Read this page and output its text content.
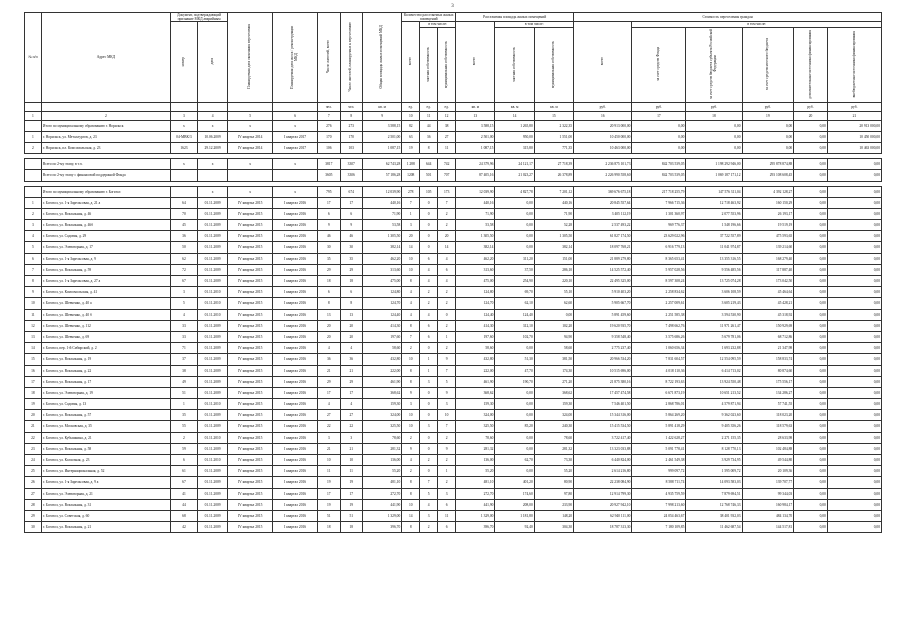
3
№ п/п	Адрес МКД	Документ, подтверждающий признание МКД аварийным		Планируемая дата окончания переселения	Планируемая дата сноса / реконструкции МКД	Число жителей, всего	Число жителей, планируемых к переселению	Общая площадь жилых помещений МКД	Количество расселяемых жилых помещений			Расселяемая площадь жилых помещений			Стоимость переселения граждан					
		номер	дата						всего	в том числе:		всего	в том числе:		всего	в том числе:				
										частная собственность	муниципальная собственность		частная собственность	муниципальная собственность		за счет средств Фонда	за счет средств бюджета субъекта Российской Федерации	за счет средств местного бюджета	дополнительные источники финансирования	внебюджетные источники финансирования
						чел.	чел.	кв. м	ед.	ед.	ед.	кв. м	кв. м	кв. м	руб.	руб.	руб.	руб.	руб.	руб.
1	2	3	4	5	6	7	8	9	10	11	12	13	14	15	16	17	18	19	20	21
	Итого по муниципальному образованию г. Норильск	х	х	х	х	276	273	3 588,15	82	44	38	3 588,15	1 265,80	2 322,35	20 913 000,00	0,00	0,00	0,00	0,00	20 913 000,00
1	г. Норильск, ул. Металлургов, д. 23	04-МВК/3	10.06.2009	IV квартал 2014	I квартал 2017	170	170	2 501,00	63	36	27	2 501,00	950,00	1 551,00	10 450 000,00	0,00	0,00	0,00	0,00	10 450 000,00
2	г. Норильск, пл. Комсомольская, д. 23	1623	29.12.2009	IV квартал 2014	I квартал 2017	106	103	1 087,15	19	8	11	1 087,15	315,80	771,35	10 463 000,00	0,00	0,00	0,00	0,00	10 463 000,00

	Всего по 2-му этапу, в т.ч.	х	х	х	х	3817	3307	62 743,28	1 288	644	742	24 379,96	24 121,17	27 718,39	2 236 875 101,73	842 703 539,05	1 198 292 946,00	295 878 874,88	0,00	0,00
	Всего по 2-му этапу с финансовой поддержкой Фонда					3605	3306	57 186,28	1208	501	707	87 405,16	21 023,27	26 378,89	2 226 990 558,60	842 703 539,05	1 069 187 171,12	293 108 608,45	0,00	0,00

	Итого по муниципальному образованию г. Богатол		х	х	х	795	674	12 039,90	278	105	173	12 039,90	4 827,78	7 201,12	369 676 675,18	217 718 255,79	147 576 311,04	4 392 128,27	0,00	0,00
1	г. Богатол, ул. 1-я Зарельсовая, д. 21 а	64	01.11.2009	IV квартал 2015	I квартал 2016	17	17	440,16	7	0	7	440,16	0,00	440,16	20 845 557,64	7 966 715,36	12 718 463,92	160 150,29	0,00	0,00
2	г. Богатол, ул. Вокзальная, д. 46	70	01.11.2009	IV квартал 2015	I квартал 2016	6	6	71,90	1	0	2	71,90	0,00	71,90	3 405 112,19	1 301 360,97	2 077 553,96	26 193,17	0,00	0,00
3	г. Богатол, ул. Вокзальная, д. 46б	45	01.11.2009	IV квартал 2015	I квартал 2016	9	9	53,58	3	0	2	53,58	0,00	52,28	2 537 493,22	969 776,37	1 548 196,66	19 519,19	0,00	0,00
4	г. Богатол, ул. Садовая, д. 29	36	01.11.2009	IV квартал 2015	I квартал 2016	46	46	1 305,50	20	0	20	1 305,50	0,00	1 305,50	61 827 174,50	23 629 022,96	37 722 557,89	475 593,65	0,00	0,00
5	г. Богатол, ул. Элеваторная, д. 17	50	01.11.2009	IV квартал 2015	I квартал 2016	30	30	382,14	14	0	14	382,14	0,00	382,14	18 097 768,21	6 916 779,13	11 041 974,87	139 214,60	0,00	0,00
6	г. Богатол, ул. 1-я Зарельсовая, д. 9	62	01.11.2009	IV квартал 2015	I квартал 2016	35	35	462,20	10	6	4	462,20	311,20	151,00	21 889 279,80	8 365 653,41	13 355 316,55	168 279,40	0,00	0,00
7	г. Богатол, ул. Вокзальная, д. 59	72	01.11.2009	IV квартал 2015	I квартал 2016	29	29	313,60	10	4	6	313,60	37,50	286,10	14 525 572,40	5 957 028,56	9 556 485,56	117 887,40	0,00	0,00
8	г. Богатол, ул. 1-я Зарельсовая, д. 27 а	67	01.11.2009	IV квартал 2015	I квартал 2016	18	18	475,00	8	4	4	475,00	254,90	220,10	22 495 325,00	8 597 308,24	13 725 074,28	173 042,50	0,00	0,00
9	г. Богатол, ул. Комсомольская, д. 41	3	01.11.2010	IV квартал 2015	I квартал 2016	6	6	124,80	4	2	2	124,80	69,70	55,10	5 910 403,20	2 258 834,62	3 606 108,59	45 464,64	0,00	0,00
10	г. Богатол, ул. Шевченко, д. 40 а	5	01.11.2010	IV квартал 2015	I квартал 2016	8	8	124,70	4	2	2	124,70	62,10	62,60	5 905 667,70	2 257 009,61	3 605 219,43	45 428,21	0,00	0,00
11	г. Богатол, ул. Шевченко, д. 40 б	4	01.11.2010	IV квартал 2015	I квартал 2016	13	13	124,40	4	4	0	124,40	124,40	0,00	5 891 459,60	2 251 585,38	3 594 530,90	45 318,92	0,00	0,00
12	г. Богатол, ул. Шевченко, д. 112	33	01.11.2009	IV квартал 2015	I квартал 2016	20	20	414,30	8	6	2	414,30	312,10	102,20	19 620 935,70	7 498 662,76	11 971 261,47	150 929,69	0,00	0,00
13	г. Богатол, ул. Шевченко, д. 69	33	01.11.2009	IV квартал 2015	I квартал 2016	20	20	197,60	7	6	1	197,60	102,70	94,90	9 358 548,40	3 575 686,26	5 679 781,06	68 712,86	0,00	0,00
14	г. Богатол, пер. 1-й Сибирский, д. 2	71	01.11.2009	IV квартал 2015	I квартал 2016	4	4	58,60	2	0	2	58,60	0,00	58,60	2 775 237,40	1 060 656,34	1 693 232,88	21 347,98	0,00	0,00
15	г. Богатол, ул. Вокзальная, д. 19	37	01.11.2009	IV квартал 2015	I квартал 2016	36	36	432,80	10	1	9	432,80	51,30	381,50	20 966 534,20	7 831 604,57	12 554 095,59	158 833,74	0,00	0,00
16	г. Богатол, ул. Вокзальная, д. 22	38	01.11.2009	IV квартал 2015	I квартал 2016	21	21	222,00	8	1	7	222,00	47,70	174,30	10 515 696,00	4 018 110,36	6 414 713,02	80 874,60	0,00	0,00
17	г. Богатол, ул. Вокзальная, д. 17	49	01.11.2009	IV квартал 2015	I квартал 2016	29	29	461,90	8	3	5	461,90	190,70	271,20	21 875 380,16	8 722 193,63	13 924 550,48	175 556,17	0,00	0,00
18	г. Богатол, ул. Элеваторная, д. 19	51	01.11.2009	IV квартал 2015	I квартал 2016	17	17	368,62	9	0	9	368,62	0,00	368,62	17 457 474,58	6 671 873,19	10 651 213,52	134 286,27	0,00	0,00
19	г. Богатол, ул. Садовая, д. 13	1	01.11.2010	IV квартал 2015	I квартал 2016	4	4	159,30	3	0	3	159,30	0,00	159,30	7 546 401,50	2 868 786,01	4 579 871,94	57 741,55	0,00	0,00
20	г. Богатол, ул. Вокзальная, д. 57	35	01.11.2009	IV квартал 2015	I квартал 2016	27	27	324,00	10	0	10	324,00	0,00	324,00	15 344 316,00	5 864 269,20	9 362 023,60	118 023,20	0,00	0,00
21	г. Богатол, ул. Московская, д. 35	55	01.11.2009	IV квартал 2015	I квартал 2016	22	22	325,50	10	3	7	325,50	85,20	240,30	15 415 534,50	5 891 418,29	9 405 356,26	118 579,63	0,00	0,00
22	г. Богатол, ул. Кубышкина, д. 21	2	01.11.2010	IV квартал 2015	I квартал 2016	3	3	78,60	2	0	2	78,60	0,00	78,60	3 722 417,40	1 422 628,27	2 271 155,35	28 633,98	0,00	0,00
23	г. Богатол, ул. Вокзальная, д. 58	59	01.11.2009	IV квартал 2015	I квартал 2016	21	21	281,32	9	0	9	281,32	0,00	281,32	13 323 033,88	5 091 778,41	8 128 770,13	102 484,88	0,00	0,00
24	г. Богатол, ул. Колхозная, д. 23	6	01.11.2010	IV квартал 2015	I квартал 2016	10	10	136,00	4	2	2	136,00	62,70	73,30	6 440 824,00	2 461 549,38	3 929 734,95	49 544,80	0,00	0,00
25	г. Богатол, ул. Интернациональная, д. 52	61	01.11.2009	IV квартал 2015	I квартал 2016	11	11	55,20	2	0	1	55,20	0,00	55,20	2 614 216,80	999 097,72	1 595 009,72	20 109,36	0,00	0,00
26	г. Богатол, ул. 1-я Зарельсовая, д. 9 а	67	01.11.2009	IV квартал 2015	I квартал 2016	19	19	481,10	8	7	2	481,10	401,20	80,90	22 238 084,90	8 588 711,74	14 093 583,03	139 707,77	0,00	0,00
27	г. Богатол, ул. Элеваторная, д. 21	41	01.11.2009	IV квартал 2015	I квартал 2016	17	17	272,70	8	5	3	272,70	174,60	97,80	12 914 799,30	4 935 759,59	7 879 694,51	99 344,03	0,00	0,00
28	г. Богатол, ул. Вокзальная, д. 31	44	01.11.2009	IV квартал 2015	I квартал 2016	19	19	441,90	10	4	6	441,90	208,00	233,90	20 927 942,10	7 998 213,60	12 768 746,33	160 984,17	0,00	0,00
29	г. Богатол, ул. Советская, д. 60	68	01.11.2009	IV квартал 2015	I квартал 2016	51	51	1 329,00	14	3	11	1 329,00	1 181,80	148,20	62 940 111,00	24 054 463,67	38 401 932,03	484 134,70	0,00	0,00
30	г. Богатол, ул. Вокзальная, д. 21	42	01.11.2009	IV квартал 2015	I квартал 2016	18	18	396,70	8	2	6	396,70	92,40	304,30	18 787 313,30	7 180 109,85	11 462 687,54	144 517,81	0,00	0,00
